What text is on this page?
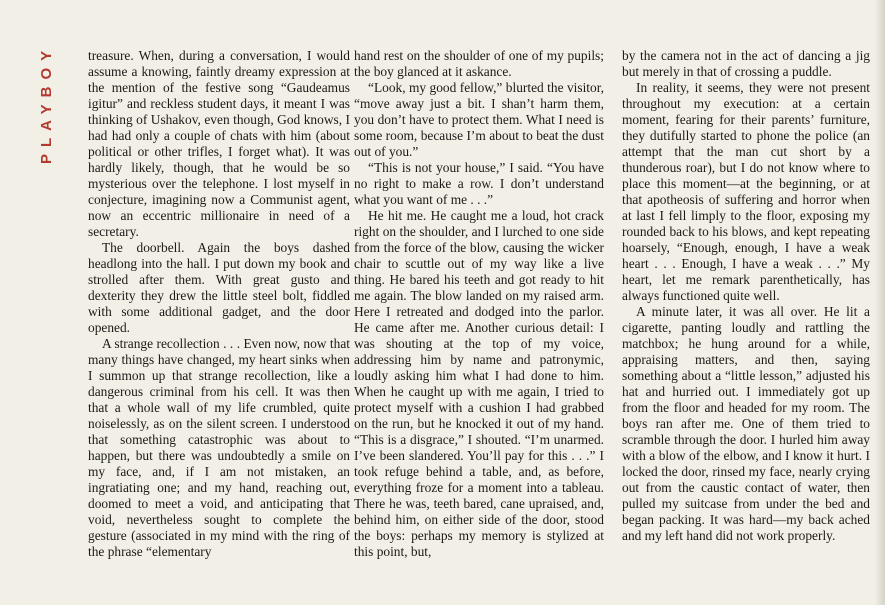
PLAYBOY treasure. When, during a conversation, I would assume a knowing, faintly dreamy expression at the mention of the festive song “Gaudeamus igitur” and reckless student days, it meant I was thinking of Ushakov, even though, God knows, I had had only a couple of chats with him (about political or other trifles, I forget what). It was hardly likely, though, that he would be so mysterious over the telephone. I lost myself in conjecture, imagining now a Communist agent, now an eccentric millionaire in need of a secretary.

The doorbell. Again the boys dashed headlong into the hall. I put down my book and strolled after them. With great gusto and dexterity they drew the little steel bolt, fiddled with some additional gadget, and the door opened.

A strange recollection . . . Even now, now that many things have changed, my heart sinks when I summon up that strange recollection, like a dangerous criminal from his cell. It was then that a whole wall of my life crumbled, quite noiselessly, as on the silent screen. I understood that something catastrophic was about to happen, but there was undoubtedly a smile on my face, and, if I am not mistaken, an ingratiating one; and my hand, reaching out, doomed to meet a void, and anticipating that void, nevertheless sought to complete the gesture (associated in my mind with the ring of the phrase “elementary

hand rest on the shoulder of one of my pupils; the boy glanced at it askance.

“Look, my good fellow,” blurted the visitor, “move away just a bit. I shan’t harm them, you don’t have to protect them. What I need is some room, because I’m about to beat the dust out of you.”

“This is not your house,” I said. “You have no right to make a row. I don’t understand what you want of me . . .”

He hit me. He caught me a loud, hot crack right on the shoulder, and I lurched to one side from the force of the blow, causing the wicker chair to scuttle out of my way like a live thing. He bared his teeth and got ready to hit me again. The blow landed on my raised arm. Here I retreated and dodged into the parlor. He came after me. Another curious detail: I was shouting at the top of my voice, addressing him by name and patronymic, loudly asking him what I had done to him. When he caught up with me again, I tried to protect myself with a cushion I had grabbed on the run, but he knocked it out of my hand. “This is a disgrace,” I shouted. “I’m unarmed. I’ve been slandered. You’ll pay for this . . .” I took refuge behind a table, and, as before, everything froze for a moment into a tableau. There he was, teeth bared, cane upraised, and, behind him, on either side of the door, stood the boys: perhaps my memory is stylized at this point, but,

by the camera not in the act of dancing a jig but merely in that of crossing a puddle.

In reality, it seems, they were not present throughout my execution: at a certain moment, fearing for their parents’ furniture, they dutifully started to phone the police (an attempt that the man cut short by a thunderous roar), but I do not know where to place this moment—at the beginning, or at that apotheosis of suffering and horror when at last I fell limply to the floor, exposing my rounded back to his blows, and kept repeating hoarsely, “Enough, enough, I have a weak heart . . . Enough, I have a weak . . .” My heart, let me remark parenthetically, has always functioned quite well.

A minute later, it was all over. He lit a cigarette, panting loudly and rattling the matchbox; he hung around for a while, appraising matters, and then, saying something about a “little lesson,” adjusted his hat and hurried out. I immediately got up from the floor and headed for my room. The boys ran after me. One of them tried to scramble through the door. I hurled him away with a blow of the elbow, and I know it hurt. I locked the door, rinsed my face, nearly crying out from the caustic contact of water, then pulled my suitcase from under the bed and began packing. It was hard—my back ached and my left hand did not work properly.
